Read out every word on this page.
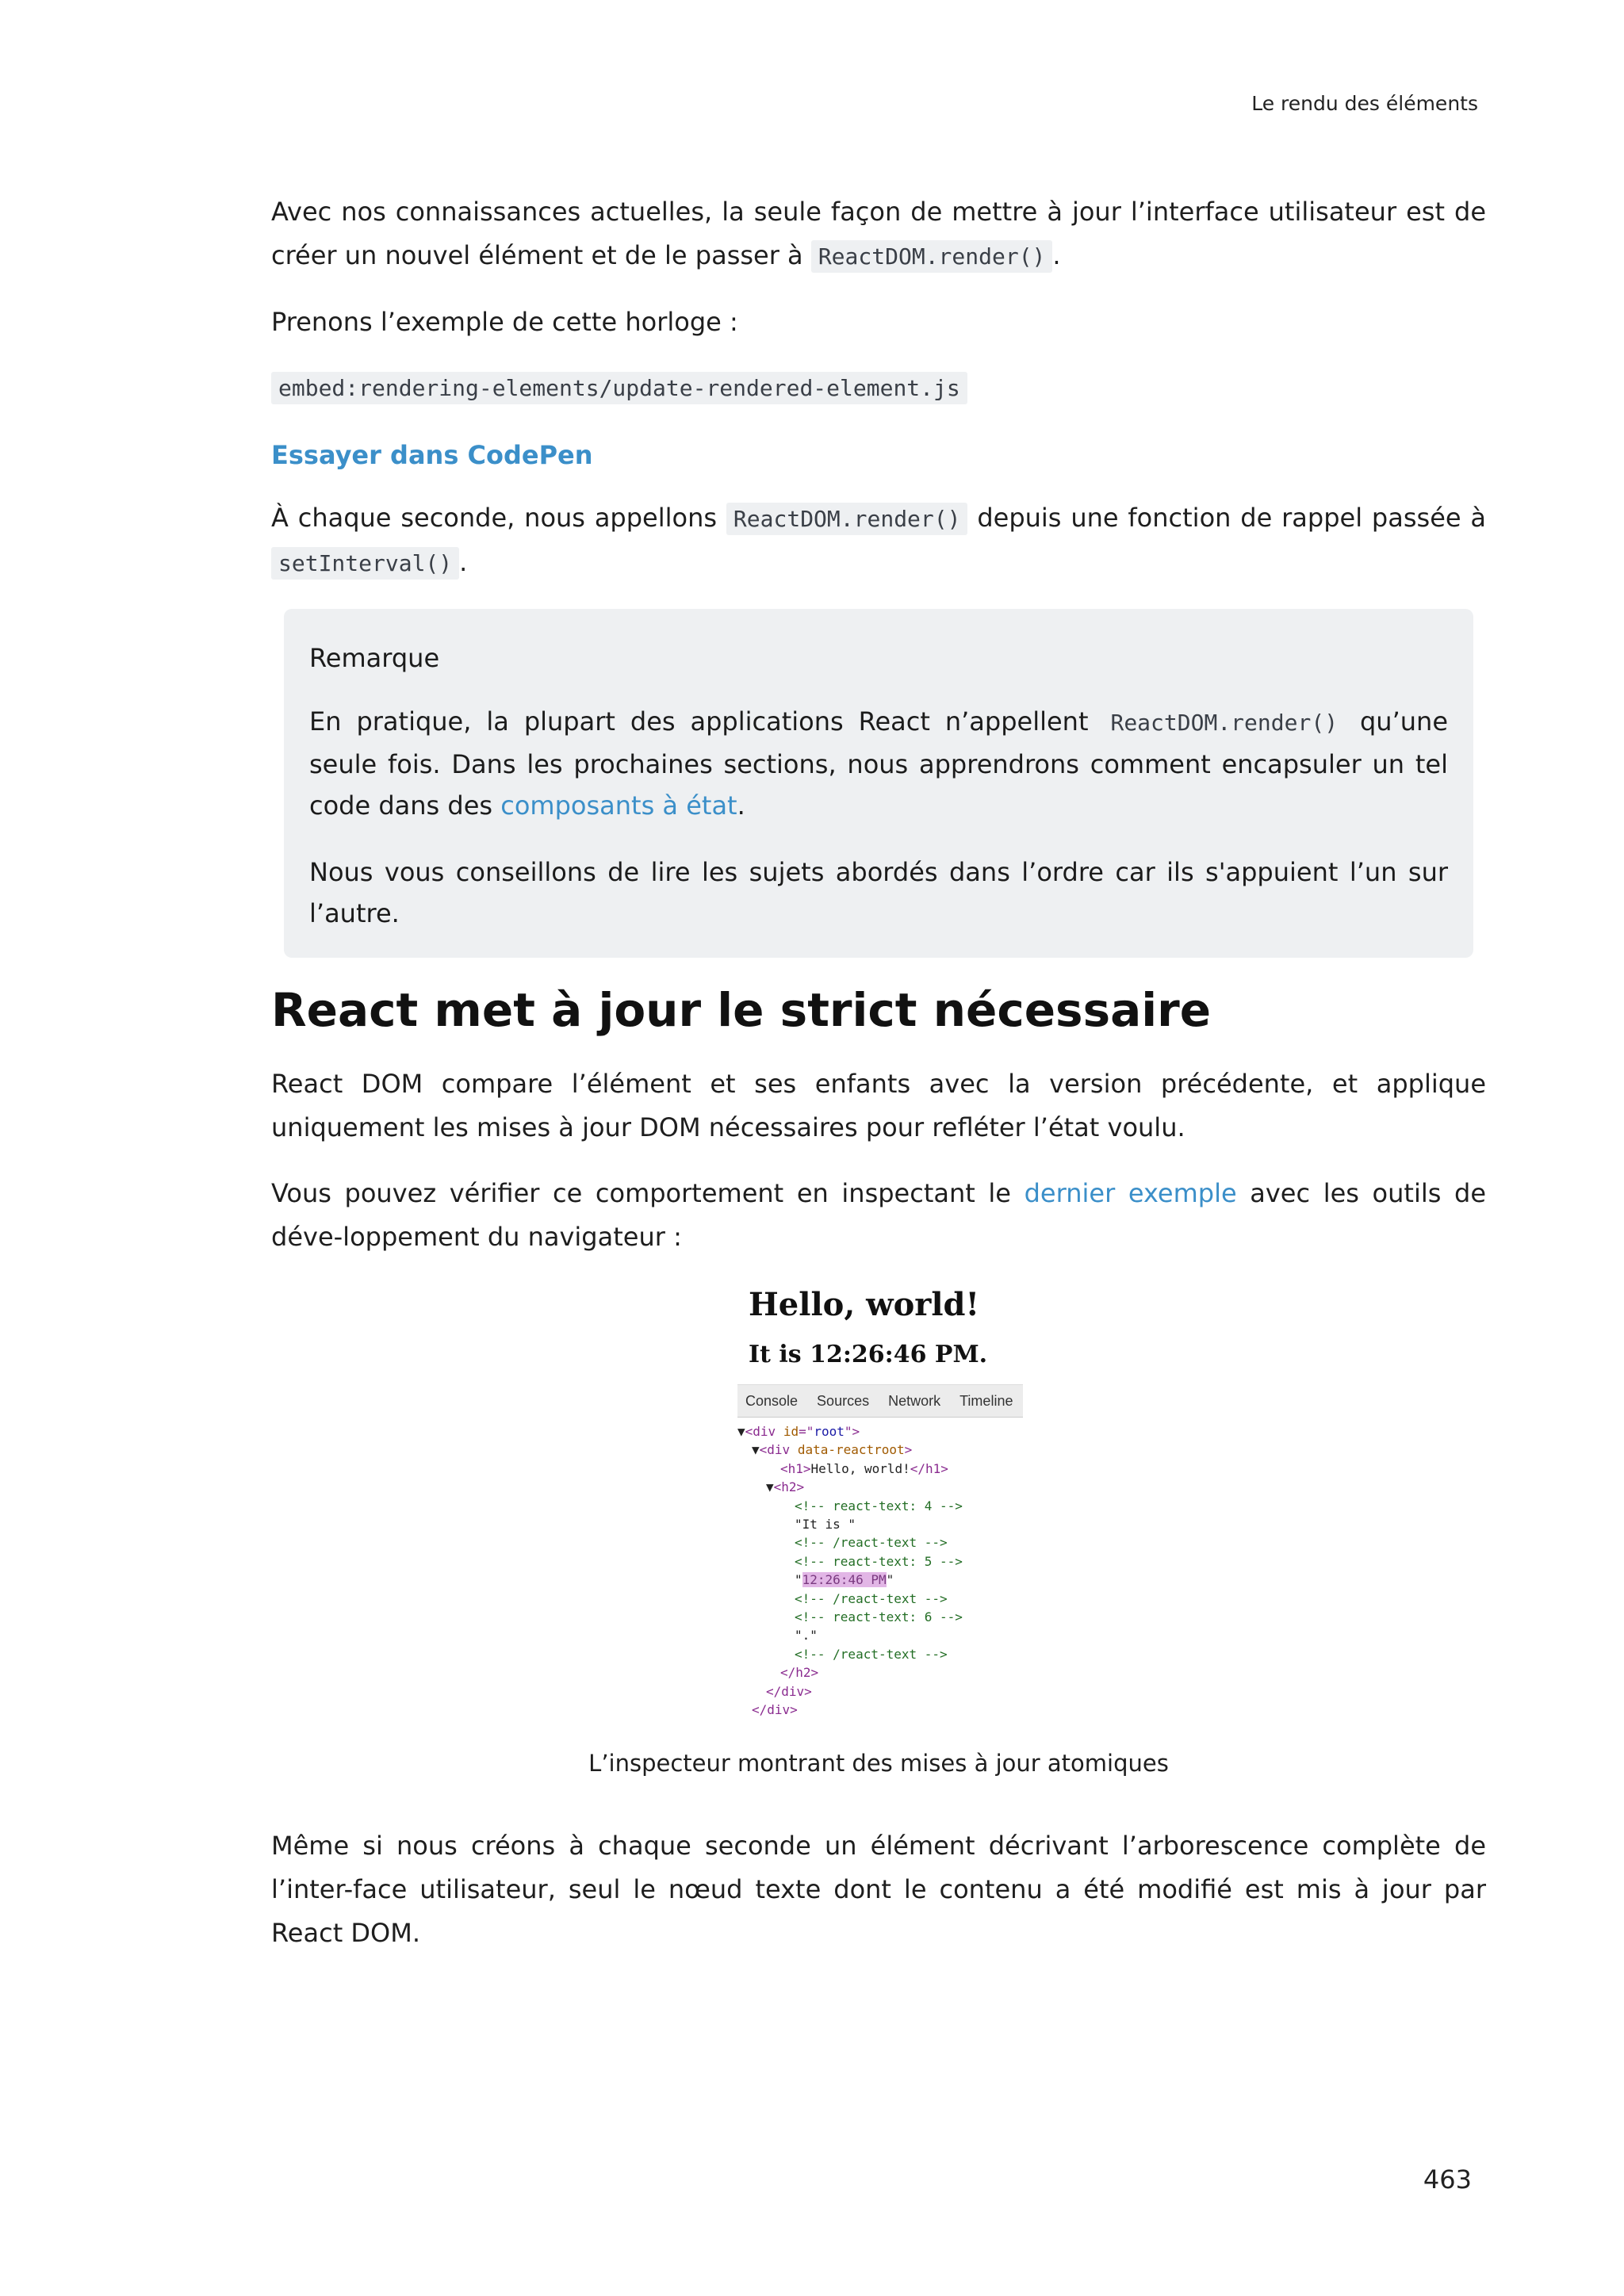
Le rendu des éléments

Avec nos connaissances actuelles, la seule façon de mettre à jour l’interface utilisateur est de créer un nouvel élément et de le passer à ReactDOM.render() .

Prenons l’exemple de cette horloge :

embed:rendering-elements/update-rendered-element.js

Essayer dans CodePen

À chaque seconde, nous appellons ReactDOM.render() depuis une fonction de rappel passée à setInterval() .

Remarque

En pratique, la plupart des applications React n’appellent ReactDOM.render() qu’une seule fois. Dans les prochaines sections, nous apprendrons comment encapsuler un tel code dans des composants à état.

Nous vous conseillons de lire les sujets abordés dans l’ordre car ils s'appuient l’un sur l’autre.

React met à jour le strict nécessaire

React DOM compare l’élément et ses enfants avec la version précédente, et applique uniquement les mises à jour DOM nécessaires pour refléter l’état voulu.

Vous pouvez vérifier ce comportement en inspectant le dernier exemple avec les outils de déve-loppement du navigateur :

Hello, world!
It is 12:26:46 PM.
Console Sources Network Timeline
▼<div id="root">
▼<div data-reactroot>
<h1>Hello, world!</h1>
▼<h2>
<!-- react-text: 4 -->
"It is "
<!-- /react-text -->
<!-- react-text: 5 -->
"12:26:46 PM"
<!-- /react-text -->
<!-- react-text: 6 -->
"."
<!-- /react-text -->
</h2>
</div>
</div>
L’inspecteur montrant des mises à jour atomiques

Même si nous créons à chaque seconde un élément décrivant l’arborescence complète de l’inter-face utilisateur, seul le nœud texte dont le contenu a été modifié est mis à jour par React DOM.

463
